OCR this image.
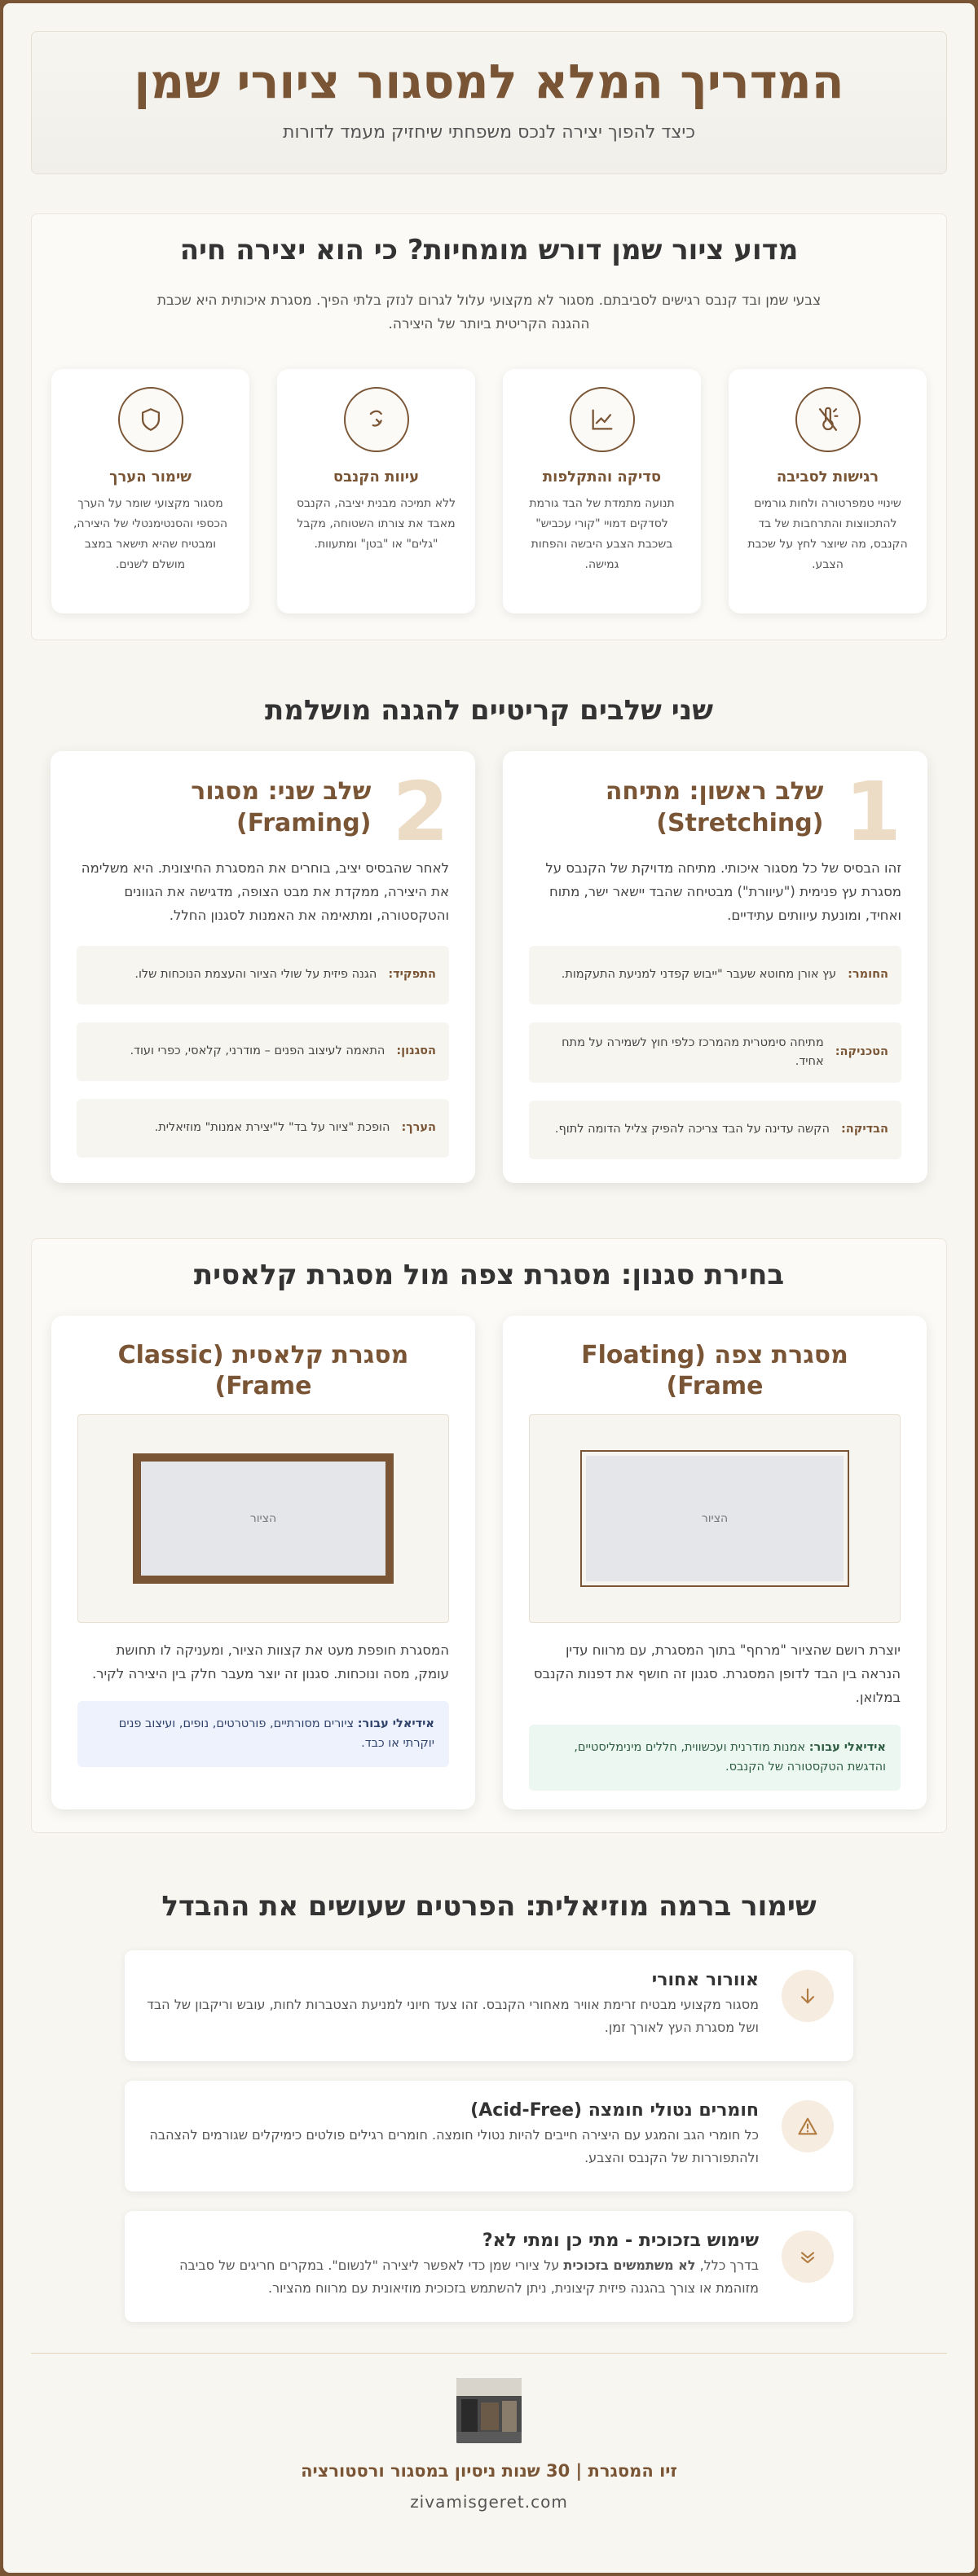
המדריך המלא למסגור ציורי שמן

כיצד להפוך יצירה לנכס משפחתי שיחזיק מעמד לדורות

מדוע ציור שמן דורש מומחיות? כי הוא יצירה חיה

צבעי שמן ובד קנבס רגישים לסביבתם. מסגור לא מקצועי עלול לגרום לנזק בלתי הפיך. מסגרת איכותית היא שכבת ההגנה הקריטית ביותר של היצירה.

רגישות לסביבה

שינויי טמפרטורה ולחות גורמים להתכווצות והתרחבות של בד הקנבס, מה שיוצר לחץ על שכבת הצבע.

סדיקה והתקלפות

תנועה מתמדת של הבד גורמת לסדקים דמויי "קורי עכביש" בשכבת הצבע היבשה והפחות גמישה.

עיוות הקנבס

ללא תמיכה מבנית יציבה, הקנבס מאבד את צורתו השטוחה, מקבל "גלים" או "בטן" ומתעוות.

שימור הערך

מסגור מקצועי שומר על הערך הכספי והסנטימנטלי של היצירה, ומבטיח שהיא תישאר במצב מושלם לשנים.

שני שלבים קריטיים להגנה מושלמת
1
שלב ראשון: מתיחה (Stretching)

זהו הבסיס של כל מסגור איכותי. מתיחה מדויקת של הקנבס על מסגרת עץ פנימית ("עיוורת") מבטיחה שהבד יישאר ישר, מתוח ואחיד, ומונעת עיוותים עתידיים.

החומר:
עץ אורן מחוטא שעבר "ייבוש קפדני למניעת התעקמות.
הטכניקה:
מתיחה סימטרית מהמרכז כלפי חוץ לשמירה על מתח אחיד.
הבדיקה:
הקשה עדינה על הבד צריכה להפיק צליל הדומה לתוף.
2
שלב שני: מסגור (Framing)

לאחר שהבסיס יציב, בוחרים את המסגרת החיצונית. היא משלימה את היצירה, ממקדת את מבט הצופה, מדגישה את הגוונים והטקסטורה, ומתאימה את האמנות לסגנון החלל.

התפקיד:
הגנה פיזית על שולי הציור והעצמת הנוכחות שלו.
הסגנון:
התאמה לעיצוב הפנים – מודרני, קלאסי, כפרי ועוד.
הערך:
הופכת "ציור על בד" ל"יצירת אמנות" מוזיאלית.
בחירת סגנון: מסגרת צפה מול מסגרת קלאסית
מסגרת צפה (Floating Frame)
הציור

יוצרת רושם שהציור "מרחף" בתוך המסגרת, עם מרווח עדין הנראה בין הבד לדופן המסגרת. סגנון זה חושף את דפנות הקנבס במלואן.

אידיאלי עבור: אמנות מודרנית ועכשווית, חללים מינימליסטיים, והדגשת הטקסטורה של הקנבס.
מסגרת קלאסית (Classic Frame)
הציור

המסגרת חופפת מעט את קצוות הציור, ומעניקה לו תחושת עומק, מסה ונוכחות. סגנון זה יוצר מעבר חלק בין היצירה לקיר.

אידיאלי עבור: ציורים מסורתיים, פורטרטים, נופים, ועיצוב פנים יוקרתי או כבד.
שימור ברמה מוזיאלית: הפרטים שעושים את ההבדל
אוורור אחורי

מסגור מקצועי מבטיח זרימת אוויר מאחורי הקנבס. זהו צעד חיוני למניעת הצטברות לחות, עובש וריקבון של הבד ושל מסגרת העץ לאורך זמן.

חומרים נטולי חומצה (Acid-Free)

כל חומרי הגב והמגע עם היצירה חייבים להיות נטולי חומצה. חומרים רגילים פולטים כימיקלים שגורמים להצהבה ולהתפוררות של הקנבס והצבע.

שימוש בזכוכית - מתי כן ומתי לא?

בדרך כלל, לא משתמשים בזכוכית על ציורי שמן כדי לאפשר ליצירה "לנשום". במקרים חריגים של סביבה מזוהמת או צורך בהגנה פיזית קיצונית, ניתן להשתמש בזכוכית מוזיאונית עם מרווח מהציור.

זיו המסגרת | 30 שנות ניסיון במסגור ורסטורציה
zivamisgeret.com
